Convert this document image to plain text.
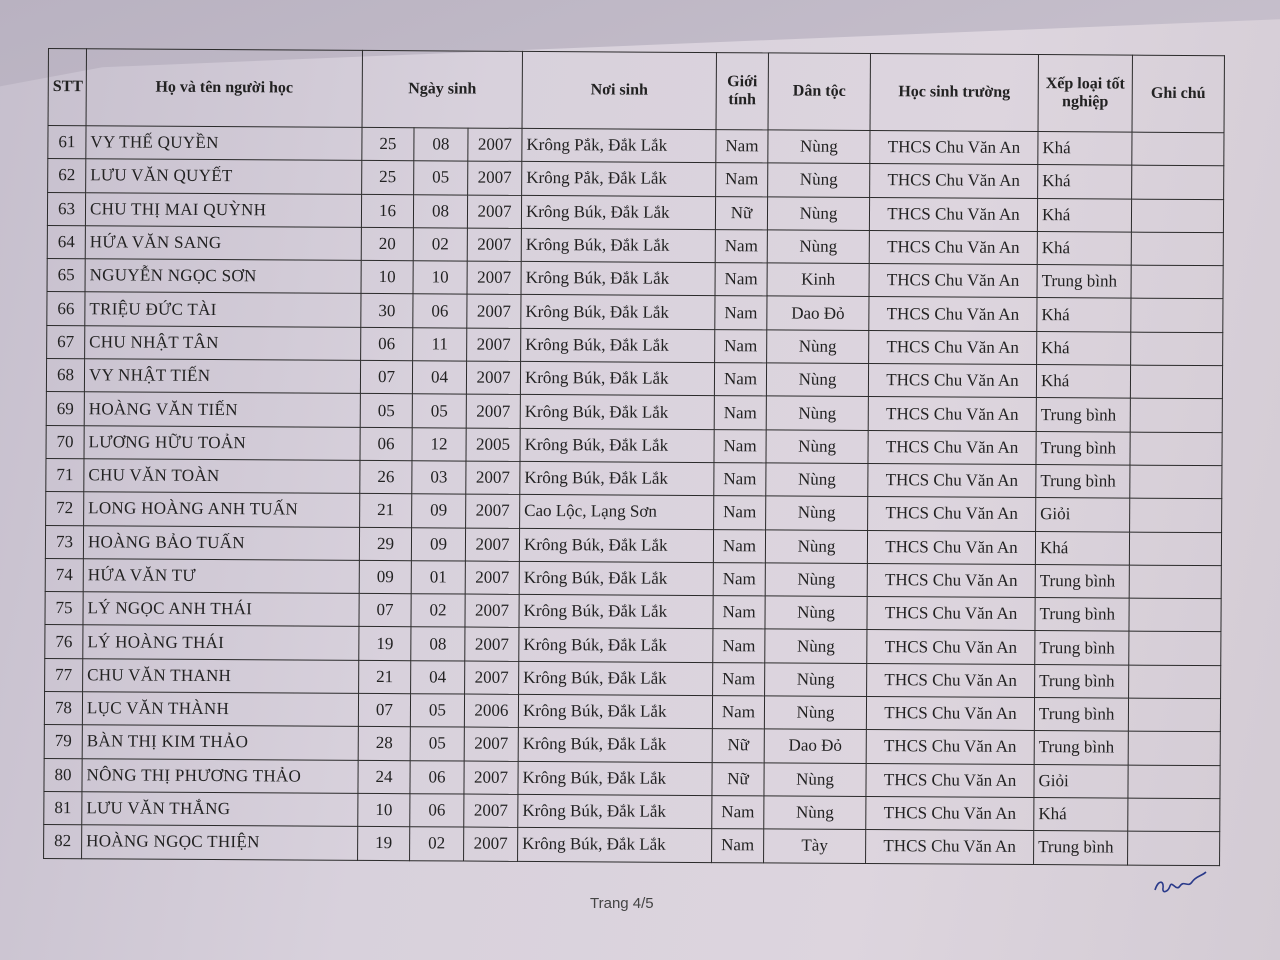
STT	Họ và tên người học	Ngày sinh			Nơi sinh	Giới tính	Dân tộc	Học sinh trường	Xếp loại tốt nghiệp	Ghi chú
61	VY THẾ QUYỀN	25	08	2007	Krông Pắk, Đắk Lắk	Nam	Nùng	THCS Chu Văn An	Khá	
62	LƯU VĂN QUYẾT	25	05	2007	Krông Pắk, Đắk Lắk	Nam	Nùng	THCS Chu Văn An	Khá	
63	CHU THỊ MAI QUỲNH	16	08	2007	Krông Búk, Đắk Lắk	Nữ	Nùng	THCS Chu Văn An	Khá	
64	HỨA VĂN SANG	20	02	2007	Krông Búk, Đắk Lắk	Nam	Nùng	THCS Chu Văn An	Khá	
65	NGUYỄN NGỌC SƠN	10	10	2007	Krông Búk, Đắk Lắk	Nam	Kinh	THCS Chu Văn An	Trung bình	
66	TRIỆU ĐỨC TÀI	30	06	2007	Krông Búk, Đắk Lắk	Nam	Dao Đỏ	THCS Chu Văn An	Khá	
67	CHU NHẬT TÂN	06	11	2007	Krông Búk, Đắk Lắk	Nam	Nùng	THCS Chu Văn An	Khá	
68	VY NHẬT TIẾN	07	04	2007	Krông Búk, Đắk Lắk	Nam	Nùng	THCS Chu Văn An	Khá	
69	HOÀNG VĂN TIẾN	05	05	2007	Krông Búk, Đắk Lắk	Nam	Nùng	THCS Chu Văn An	Trung bình	
70	LƯƠNG HỮU TOẢN	06	12	2005	Krông Búk, Đắk Lắk	Nam	Nùng	THCS Chu Văn An	Trung bình	
71	CHU VĂN TOÀN	26	03	2007	Krông Búk, Đắk Lắk	Nam	Nùng	THCS Chu Văn An	Trung bình	
72	LONG HOÀNG ANH TUẤN	21	09	2007	Cao Lộc, Lạng Sơn	Nam	Nùng	THCS Chu Văn An	Giỏi	
73	HOÀNG BẢO TUẤN	29	09	2007	Krông Búk, Đắk Lắk	Nam	Nùng	THCS Chu Văn An	Khá	
74	HỨA VĂN TƯ	09	01	2007	Krông Búk, Đắk Lắk	Nam	Nùng	THCS Chu Văn An	Trung bình	
75	LÝ NGỌC ANH THÁI	07	02	2007	Krông Búk, Đắk Lắk	Nam	Nùng	THCS Chu Văn An	Trung bình	
76	LÝ HOÀNG THÁI	19	08	2007	Krông Búk, Đắk Lắk	Nam	Nùng	THCS Chu Văn An	Trung bình	
77	CHU VĂN THANH	21	04	2007	Krông Búk, Đắk Lắk	Nam	Nùng	THCS Chu Văn An	Trung bình	
78	LỤC VĂN THÀNH	07	05	2006	Krông Búk, Đắk Lắk	Nam	Nùng	THCS Chu Văn An	Trung bình	
79	BÀN THỊ KIM THẢO	28	05	2007	Krông Búk, Đắk Lắk	Nữ	Dao Đỏ	THCS Chu Văn An	Trung bình	
80	NÔNG THỊ PHƯƠNG THẢO	24	06	2007	Krông Búk, Đắk Lắk	Nữ	Nùng	THCS Chu Văn An	Giỏi	
81	LƯU VĂN THẮNG	10	06	2007	Krông Búk, Đắk Lắk	Nam	Nùng	THCS Chu Văn An	Khá	
82	HOÀNG NGỌC THIỆN	19	02	2007	Krông Búk, Đắk Lắk	Nam	Tày	THCS Chu Văn An	Trung bình	
Trang 4/5
